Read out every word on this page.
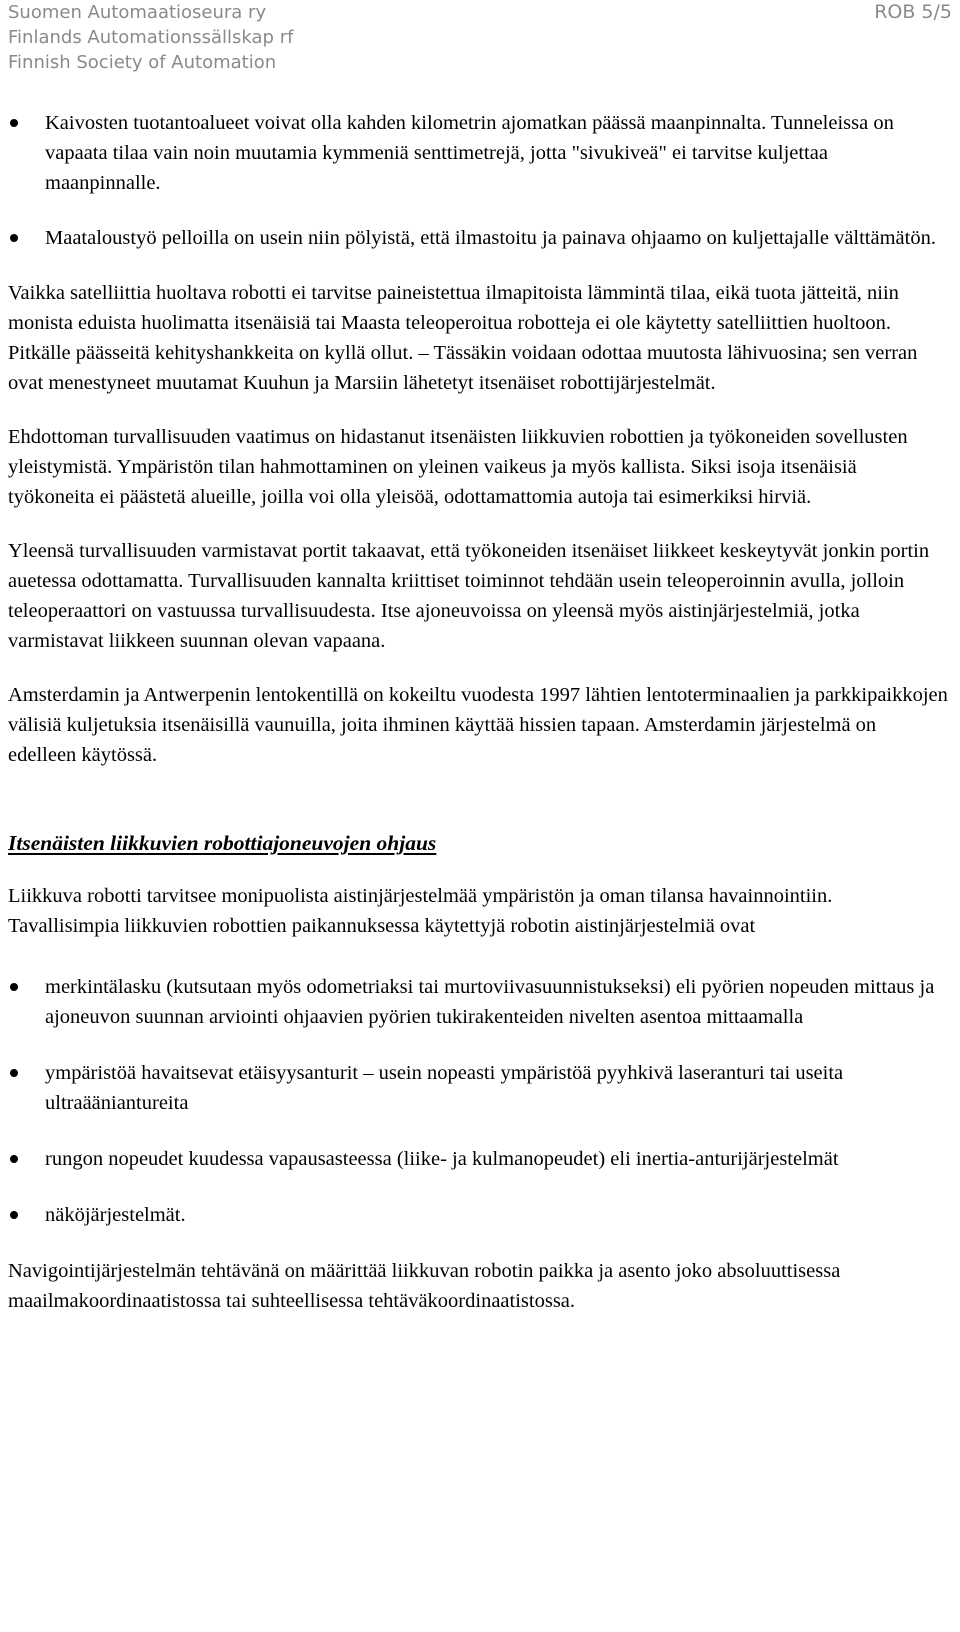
Suomen Automaatioseura ry
Finlands Automationssällskap rf
Finnish Society of Automation
ROB 5/5
Kaivosten tuotantoalueet voivat olla kahden kilometrin ajomatkan päässä maanpinnalta. Tunneleissa on vapaata tilaa vain noin muutamia kymmeniä senttimetrejä, jotta "sivukiveä" ei tarvitse kuljettaa maanpinnalle.
Maataloustyö pelloilla on usein niin pölyistä, että ilmastoitu ja painava ohjaamo on kuljettajalle välttämätön.

Vaikka satelliittia huoltava robotti ei tarvitse paineistettua ilmapitoista lämmintä tilaa, eikä tuota jätteitä, niin monista eduista huolimatta itsenäisiä tai Maasta teleoperoitua robotteja ei ole käytetty satelliittien huoltoon. Pitkälle päässeitä kehityshankkeita on kyllä ollut. – Tässäkin voidaan odottaa muutosta lähivuosina; sen verran ovat menestyneet muutamat Kuuhun ja Marsiin lähetetyt itsenäiset robottijärjestelmät.

Ehdottoman turvallisuuden vaatimus on hidastanut itsenäisten liikkuvien robottien ja työkoneiden sovellusten yleistymistä. Ympäristön tilan hahmottaminen on yleinen vaikeus ja myös kallista. Siksi isoja itsenäisiä työkoneita ei päästetä alueille, joilla voi olla yleisöä, odottamattomia autoja tai esimerkiksi hirviä.

Yleensä turvallisuuden varmistavat portit takaavat, että työkoneiden itsenäiset liikkeet keskeytyvät jonkin portin auetessa odottamatta. Turvallisuuden kannalta kriittiset toiminnot tehdään usein teleoperoinnin avulla, jolloin teleoperaattori on vastuussa turvallisuudesta. Itse ajoneuvoissa on yleensä myös aistinjärjestelmiä, jotka varmistavat liikkeen suunnan olevan vapaana.

Amsterdamin ja Antwerpenin lentokentillä on kokeiltu vuodesta 1997 lähtien lentoterminaalien ja parkkipaikkojen välisiä kuljetuksia itsenäisillä vaunuilla, joita ihminen käyttää hissien tapaan. Amsterdamin järjestelmä on edelleen käytössä.

Itsenäisten liikkuvien robottiajoneuvojen ohjaus

Liikkuva robotti tarvitsee monipuolista aistinjärjestelmää ympäristön ja oman tilansa havainnointiin. Tavallisimpia liikkuvien robottien paikannuksessa käytettyjä robotin aistinjärjestelmiä ovat

merkintälasku (kutsutaan myös odometriaksi tai murtoviivasuunnistukseksi) eli pyörien nopeuden mittaus ja ajoneuvon suunnan arviointi ohjaavien pyörien tukirakenteiden nivelten asentoa mittaamalla
ympäristöä havaitsevat etäisyysanturit – usein nopeasti ympäristöä pyyhkivä laseranturi tai useita ultraääniantureita
rungon nopeudet kuudessa vapausasteessa (liike- ja kulmanopeudet) eli inertia-anturijärjestelmät
näköjärjestelmät.

Navigointijärjestelmän tehtävänä on määrittää liikkuvan robotin paikka ja asento joko absoluuttisessa maailmakoordinaatistossa tai suhteellisessa tehtäväkoordinaatistossa.
